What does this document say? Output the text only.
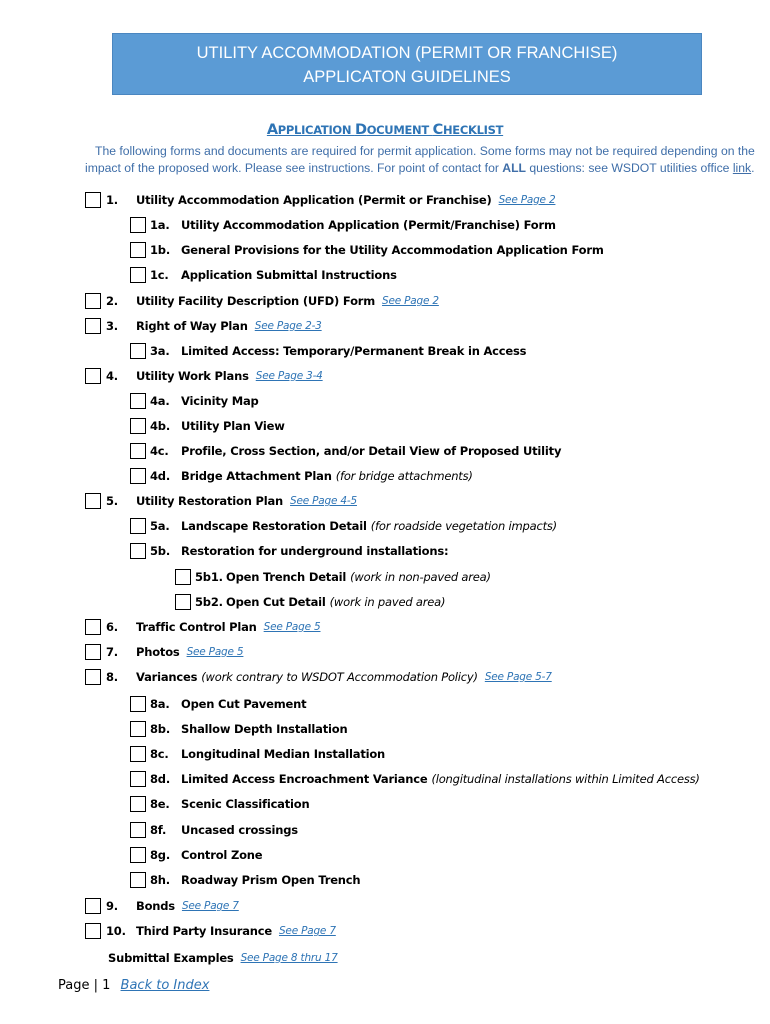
UTILITY ACCOMMODATION (PERMIT OR FRANCHISE)
APPLICATON GUIDELINES
APPLICATION DOCUMENT CHECKLIST
The following forms and documents are required for permit application. Some forms may not be required depending on the
impact of the proposed work. Please see instructions. For point of contact for ALL questions: see WSDOT utilities office link.
1.	Utility Accommodation Application (Permit or Franchise) See Page 2
1a. Utility Accommodation Application (Permit/Franchise) Form
1b. General Provisions for the Utility Accommodation Application Form
1c.	Application Submittal Instructions
2.	Utility Facility Description (UFD) Form See Page 2
3.	Right of Way Plan See Page 2-3
3a. Limited Access: Temporary/Permanent Break in Access
4.	Utility Work Plans See Page 3-4
4a. Vicinity Map
4b. Utility Plan View
4c.	Profile, Cross Section, and/or Detail View of Proposed Utility
4d. Bridge Attachment Plan (for bridge attachments)
5.	Utility Restoration Plan See Page 4-5
5a. Landscape Restoration Detail (for roadside vegetation impacts)
5b. Restoration for underground installations:
5b1. Open Trench Detail (work in non-paved area)
5b2. Open Cut Detail (work in paved area)
6.	Traffic Control Plan See Page 5
7.	Photos See Page 5
8.	Variances (work contrary to WSDOT Accommodation Policy) See Page 5-7
8a. Open Cut Pavement
8b. Shallow Depth Installation
8c.	Longitudinal Median Installation
8d. Limited Access Encroachment Variance (longitudinal installations within Limited Access)
8e. Scenic Classification
8f.	Uncased crossings
8g. Control Zone
8h. Roadway Prism Open Trench
9.	Bonds See Page 7
10. Third Party Insurance See Page 7
Submittal Examples See Page 8 thru 17
Page | 1 Back to Index
